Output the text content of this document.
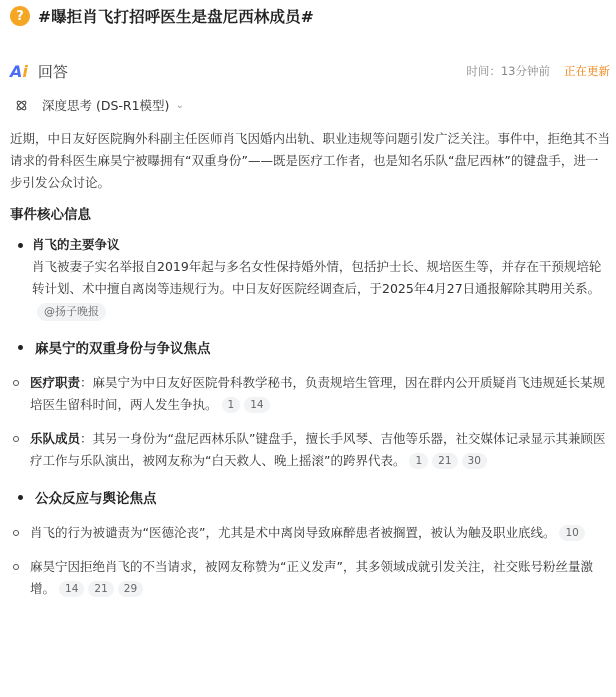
? #曝拒肖飞打招呼医生是盘尼西林成员#
Ai 回答	时间： 13分钟前 正在更新
深度思考 (DS-R1模型) ⌄

近期，中日友好医院胸外科副主任医师肖飞因婚内出轨、职业违规等问题引发广泛关注。事件中，拒绝其不当请求的骨科医生麻昊宁被曝拥有“双重身份”——既是医疗工作者，也是知名乐队“盘尼西林”的键盘手，进一步引发公众讨论。

事件核心信息
肖飞的主要争议

肖飞被妻子实名举报自2019年起与多名女性保持婚外情，包括护士长、规培医生等，并存在干预规培轮转计划、术中擅自离岗等违规行为。中日友好医院经调查后，于2025年4月27日通报解除其聘用关系。@扬子晚报

麻昊宁的双重身份与争议焦点
医疗职责：麻昊宁为中日友好医院骨科教学秘书，负责规培生管理，因在群内公开质疑肖飞违规延长某规培医生留科时间，两人发生争执。 1 14
乐队成员：其另一身份为“盘尼西林乐队”键盘手，擅长手风琴、吉他等乐器，社交媒体记录显示其兼顾医疗工作与乐队演出，被网友称为“白天救人、晚上摇滚”的跨界代表。 1 21 30
公众反应与舆论焦点
肖飞的行为被谴责为“医德沦丧”，尤其是术中离岗导致麻醉患者被搁置，被认为触及职业底线。 10
麻昊宁因拒绝肖飞的不当请求，被网友称赞为“正义发声”，其多领域成就引发关注，社交账号粉丝量激增。 14 21 29
